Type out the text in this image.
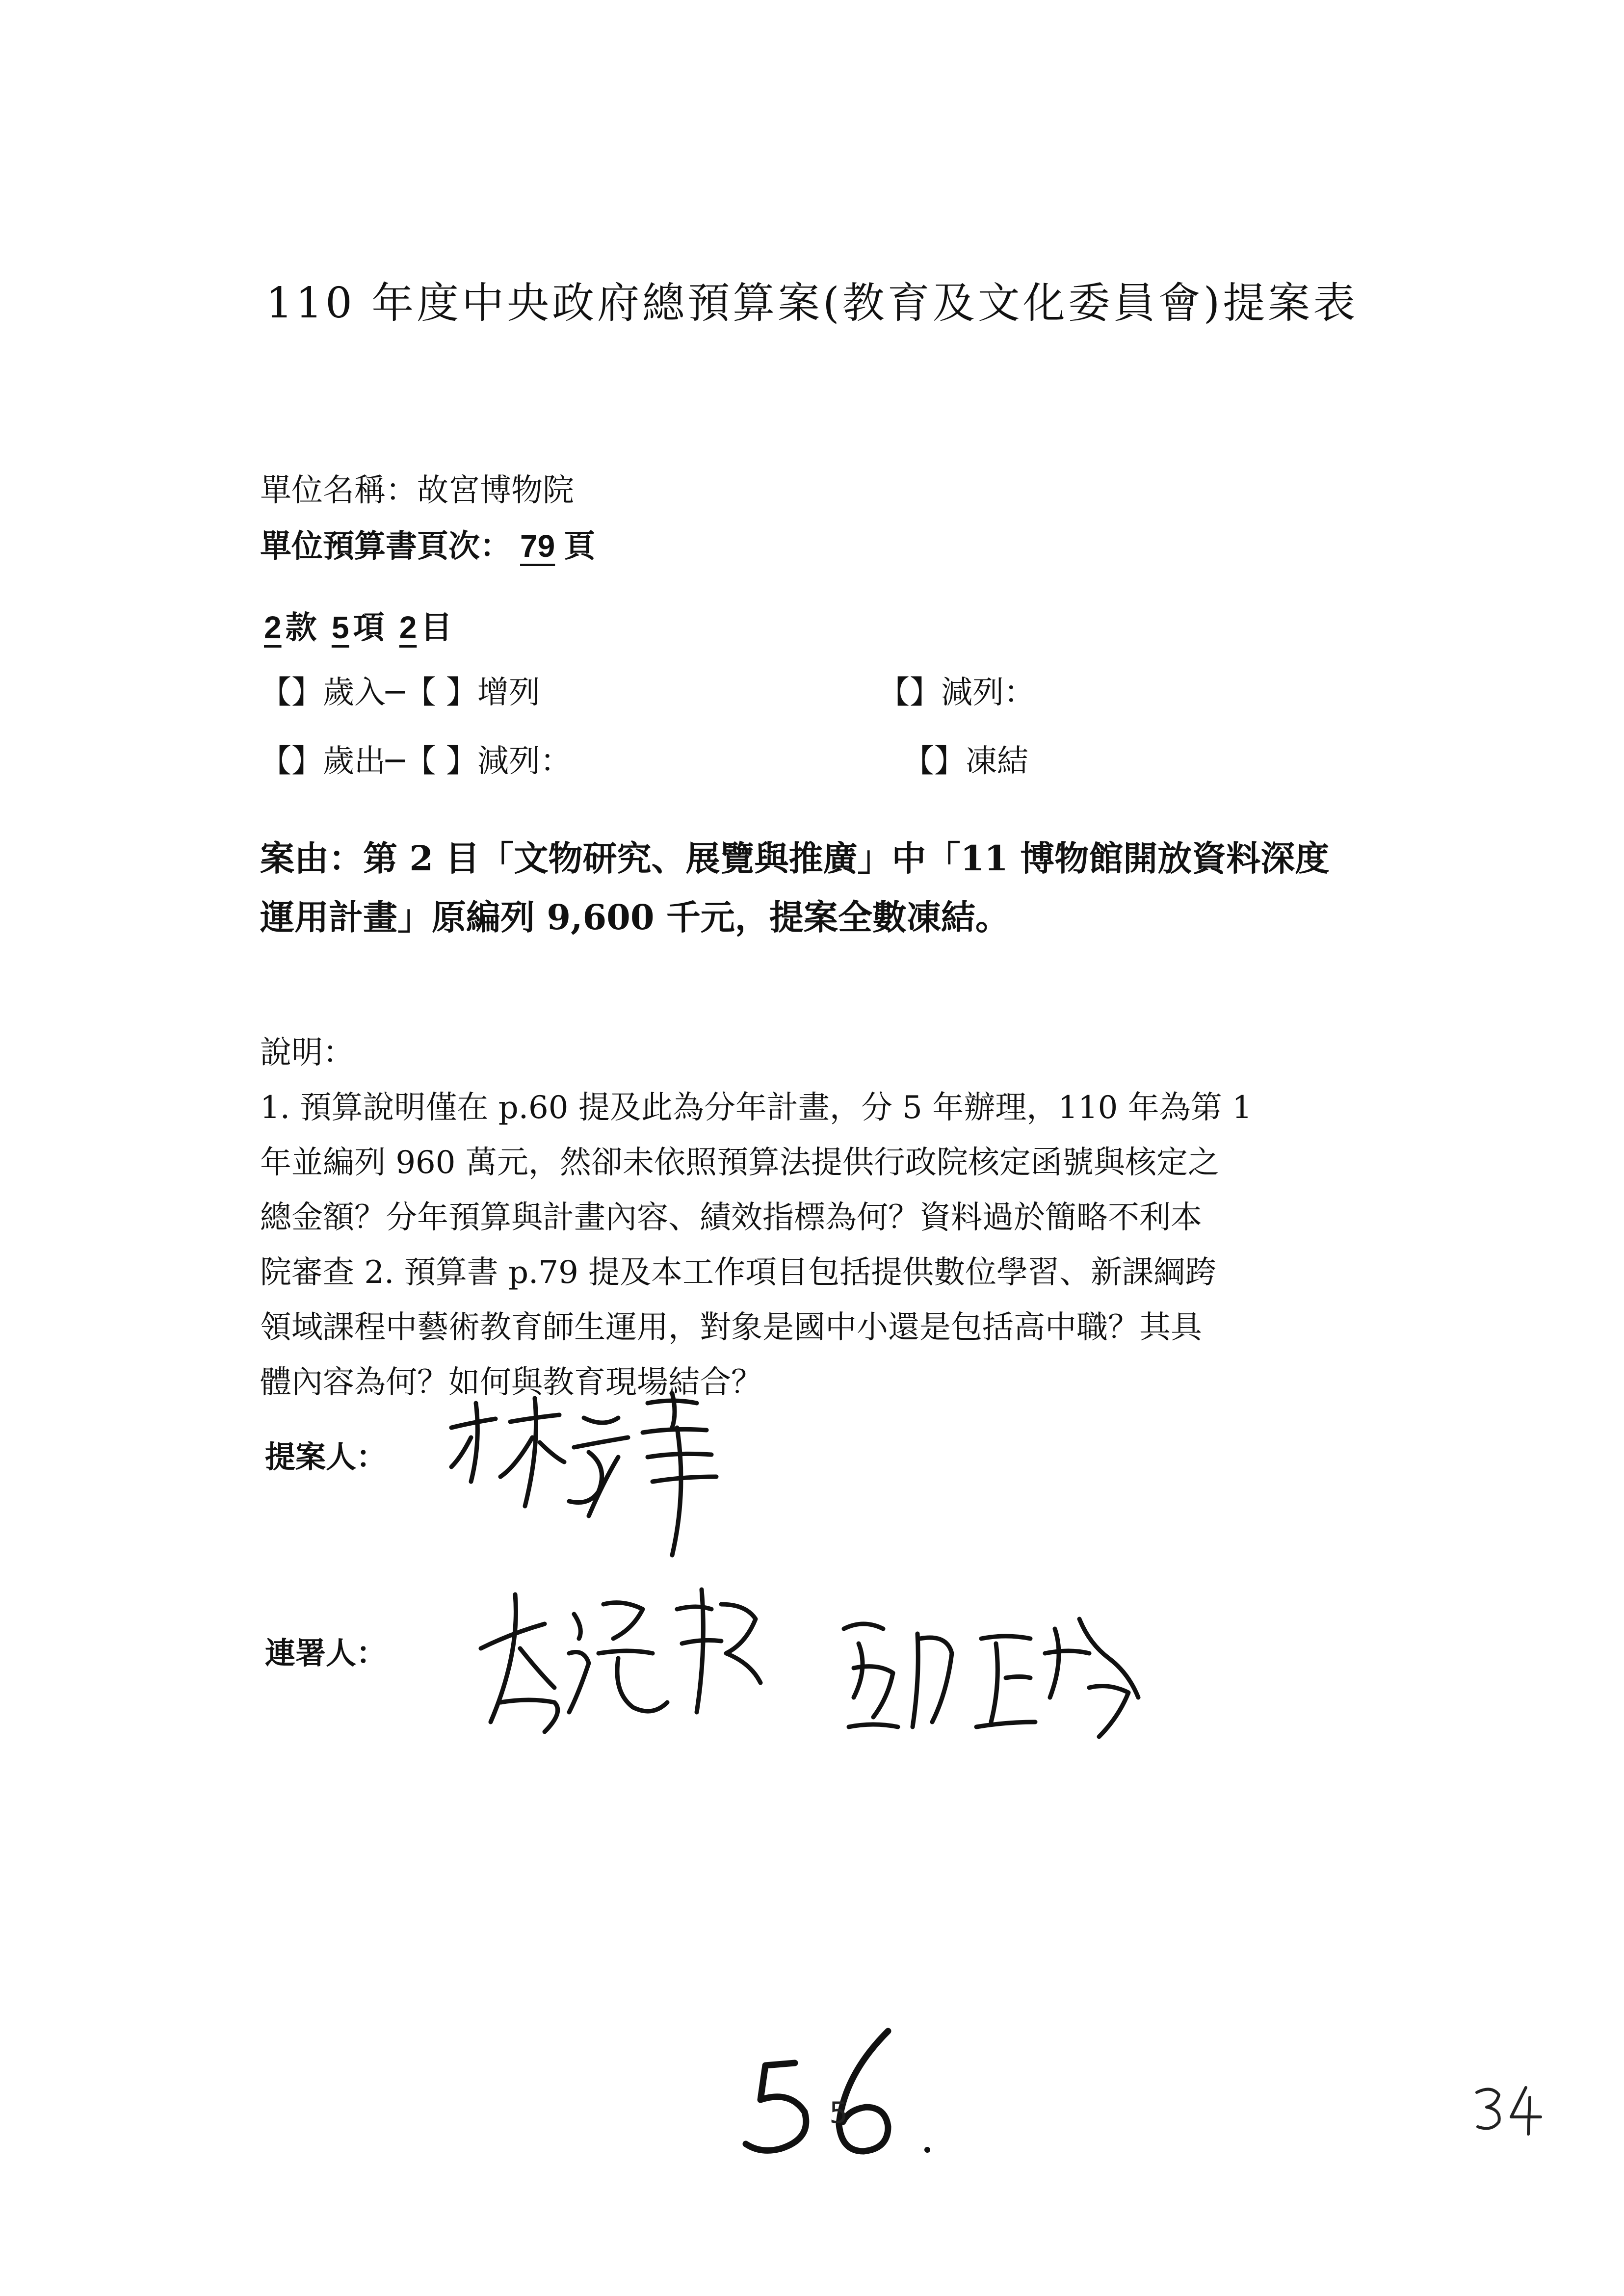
110 年度中央政府總預算案(教育及文化委員會)提案表
單位名稱：故宮博物院
單位預算書頁次： 79 頁
2 款 5 項 2 目
【】歲入─【 】增列	【】減列：
【】歲出─【 】減列：	【】凍結
案由：第 2 目「文物研究、展覽與推廣」中「11 博物館開放資料深度
運用計畫」原編列 9,600 千元，提案全數凍結。
說明：
1. 預算說明僅在 p.60 提及此為分年計畫，分 5 年辦理，110 年為第 1
年並編列 960 萬元，然卻未依照預算法提供行政院核定函號與核定之
總金額？分年預算與計畫內容、績效指標為何？資料過於簡略不利本
院審查 2. 預算書 p.79 提及本工作項目包括提供數位學習、新課綱跨
領域課程中藝術教育師生運用，對象是國中小還是包括高中職？其具
體內容為何？如何與教育現場結合？
提案人：
連署人：
5
